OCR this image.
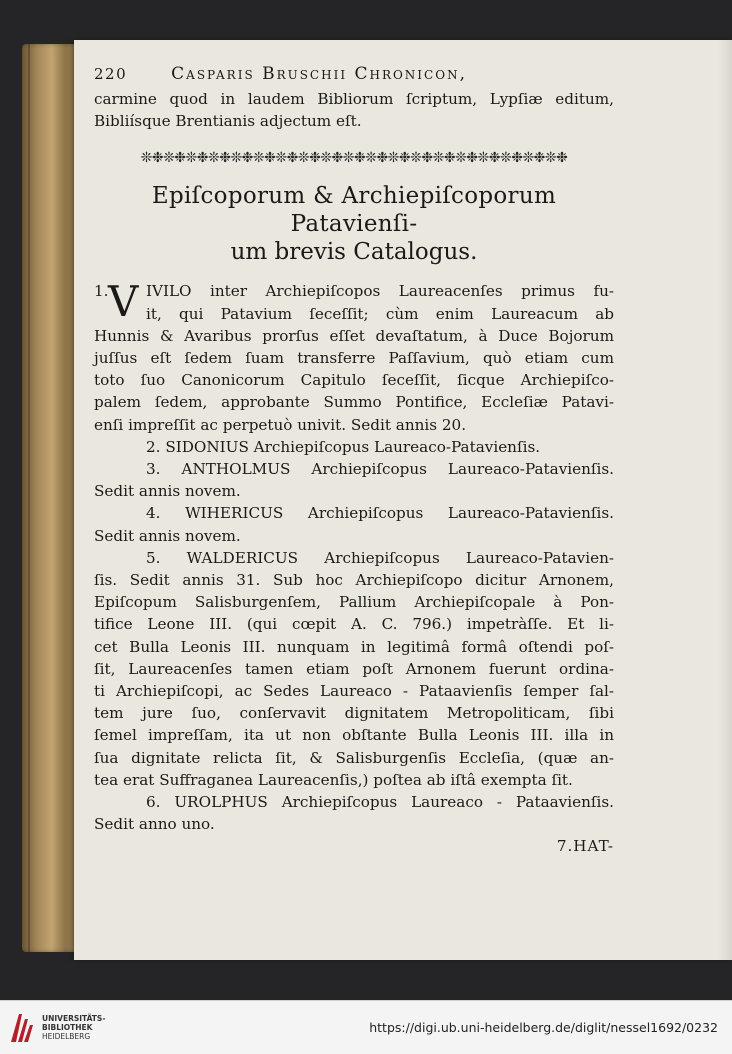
220	Casparis Bruschii Chronicon,
carmine quod in laudem Bibliorum ſcriptum, Lypſiæ editum,
Bibliísque Brentianis adjectum eſt.
❊❉❊❉❊❉❊❉❊❉❊❉❊❉❊❉❊❉❊❉❊❉❊❉❊❉❊❉❊❉❊❉❊❉❊❉❊❉
Epiſcoporum & Archiepiſcoporum Patavienſi-
um brevis Catalogus.
1. V IVILO inter Archiepiſcopos Laureacenſes primus fu-
it, qui Patavium ſeceſſit; cùm enim Laureacum ab
Hunnis & Avaribus prorſus eſſet devaſtatum, à Duce Bojorum
juſſus eſt ſedem ſuam transferre Paſſavium, quò etiam cum
toto ſuo Canonicorum Capitulo ſeceſſit, ſicque Archiepiſco-
palem ſedem, approbante Summo Pontifice, Eccleſiæ Patavi-
enſi impreſſit ac perpetuò univit. Sedit annis 20.
2. SIDONIUS Archiepiſcopus Laureaco-Patavienſis.
3. ANTHOLMUS Archiepiſcopus Laureaco-Patavienſis.
Sedit annis novem.
4. WIHERICUS Archiepiſcopus Laureaco-Patavienſis.
Sedit annis novem.
5. WALDERICUS Archiepiſcopus Laureaco-Patavien-
ſis. Sedit annis 31. Sub hoc Archiepiſcopo dicitur Arnonem,
Epiſcopum Salisburgenſem, Pallium Archiepiſcopale à Pon-
tifice Leone III. (qui cœpit A. C. 796.) impetràſſe. Et li-
cet Bulla Leonis III. nunquam in legitimâ formâ oſtendi poſ-
ſit, Laureacenſes tamen etiam poſt Arnonem fuerunt ordina-
ti Archiepiſcopi, ac Sedes Laureaco - Pataavienſis ſemper ſal-
tem jure ſuo, conſervavit dignitatem Metropoliticam, ſibi
ſemel impreſſam, ita ut non obſtante Bulla Leonis III. illa in
ſua dignitate relicta ſit, & Salisburgenſis Eccleſia, (quæ an-
tea erat Suffraganea Laureacenſis,) poſtea ab iſtâ exempta ſit.
6. UROLPHUS Archiepiſcopus Laureaco - Pataavienſis.
Sedit anno uno.
7.HAT-
UNIVERSITÄTS-
BIBLIOTHEK
HEIDELBERG
https://digi.ub.uni-heidelberg.de/diglit/nessel1692/0232
